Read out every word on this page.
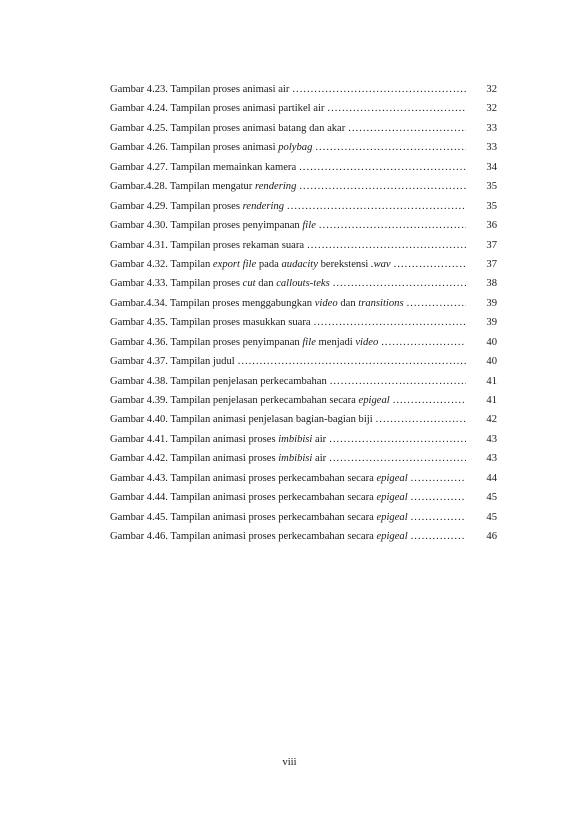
Gambar 4.23. Tampilan proses animasi air .....	32
Gambar 4.24. Tampilan proses animasi partikel air .....	32
Gambar 4.25. Tampilan proses animasi batang dan akar .....	33
Gambar 4.26. Tampilan proses animasi polybag .....	33
Gambar 4.27. Tampilan memainkan kamera .....	34
Gambar.4.28. Tampilan mengatur rendering .....	35
Gambar 4.29. Tampilan proses rendering .....	35
Gambar 4.30. Tampilan proses penyimpanan file .....	36
Gambar 4.31. Tampilan proses rekaman suara .....	37
Gambar 4.32. Tampilan export file pada audacity berekstensi .wav .....	37
Gambar 4.33. Tampilan proses cut dan callouts-teks .....	38
Gambar.4.34. Tampilan proses menggabungkan video dan transitions .....	39
Gambar 4.35. Tampilan proses masukkan suara .....	39
Gambar 4.36. Tampilan proses penyimpanan file menjadi video .....	40
Gambar 4.37. Tampilan judul .....	40
Gambar 4.38. Tampilan penjelasan perkecambahan .....	41
Gambar 4.39. Tampilan penjelasan perkecambahan secara epigeal .....	41
Gambar 4.40. Tampilan animasi penjelasan bagian-bagian biji .....	42
Gambar 4.41. Tampilan animasi proses imbibisi air .....	43
Gambar 4.42. Tampilan animasi proses imbibisi air .....	43
Gambar 4.43. Tampilan animasi proses perkecambahan secara epigeal .....	44
Gambar 4.44. Tampilan animasi proses perkecambahan secara epigeal .....	45
Gambar 4.45. Tampilan animasi proses perkecambahan secara epigeal .....	45
Gambar 4.46. Tampilan animasi proses perkecambahan secara epigeal .....	46
viii
